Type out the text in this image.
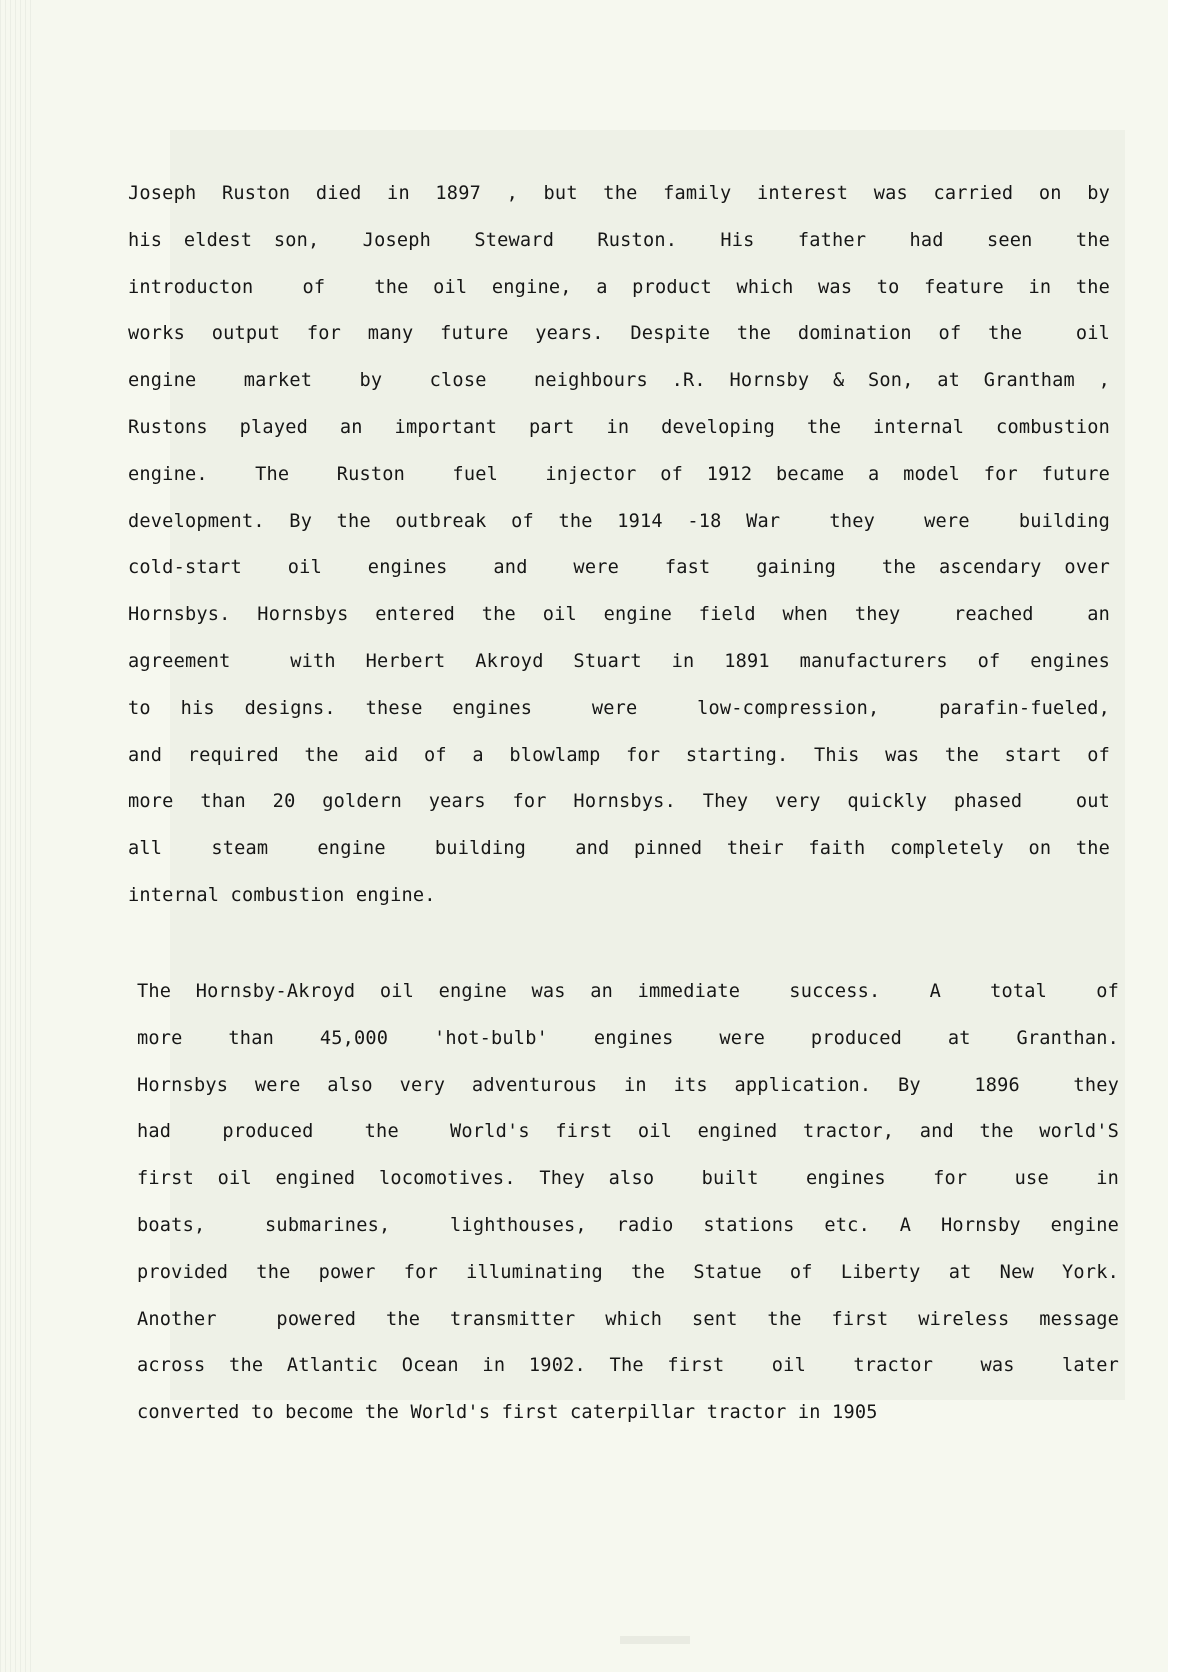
Joseph Ruston died in 1897 , but the family interest was carried on by
his eldest son,  Joseph  Steward  Ruston.  His  father  had  seen  the
introducton  of  the oil engine, a product which was to feature in the
works output for many future years. Despite the domination of the  oil
engine  market  by  close  neighbours .R. Hornsby & Son, at Grantham ,
Rustons played an important part in developing the internal combustion
engine.  The  Ruston  fuel  injector of 1912 became a model for future
development. By the outbreak of the 1914 -18 War  they  were  building
cold-start  oil  engines  and  were  fast  gaining  the ascendary over
Hornsbys. Hornsbys entered the oil engine field when they  reached  an
agreement  with Herbert Akroyd Stuart in 1891 manufacturers of engines
to his designs. these engines  were  low-compression,  parafin-fueled,
and required the aid of a blowlamp for starting. This was the start of
more than 20 goldern years for Hornsbys. They very quickly phased  out
all  steam  engine  building  and pinned their faith completely on the
internal combustion engine.
The Hornsby-Akroyd oil engine was an immediate  success.  A  total  of
more  than  45,000  'hot-bulb'  engines  were  produced  at  Granthan.
Hornsbys were also very adventurous in its application. By  1896  they
had  produced  the  World's first oil engined tractor, and the world'S
first oil engined locomotives. They also  built  engines  for  use  in
boats,  submarines,  lighthouses, radio stations etc. A Hornsby engine
provided the power for illuminating the Statue of Liberty at New York.
Another  powered the transmitter which sent the first wireless message
across the Atlantic Ocean in 1902. The first  oil  tractor  was  later
converted to become the World's first caterpillar tractor in 1905
